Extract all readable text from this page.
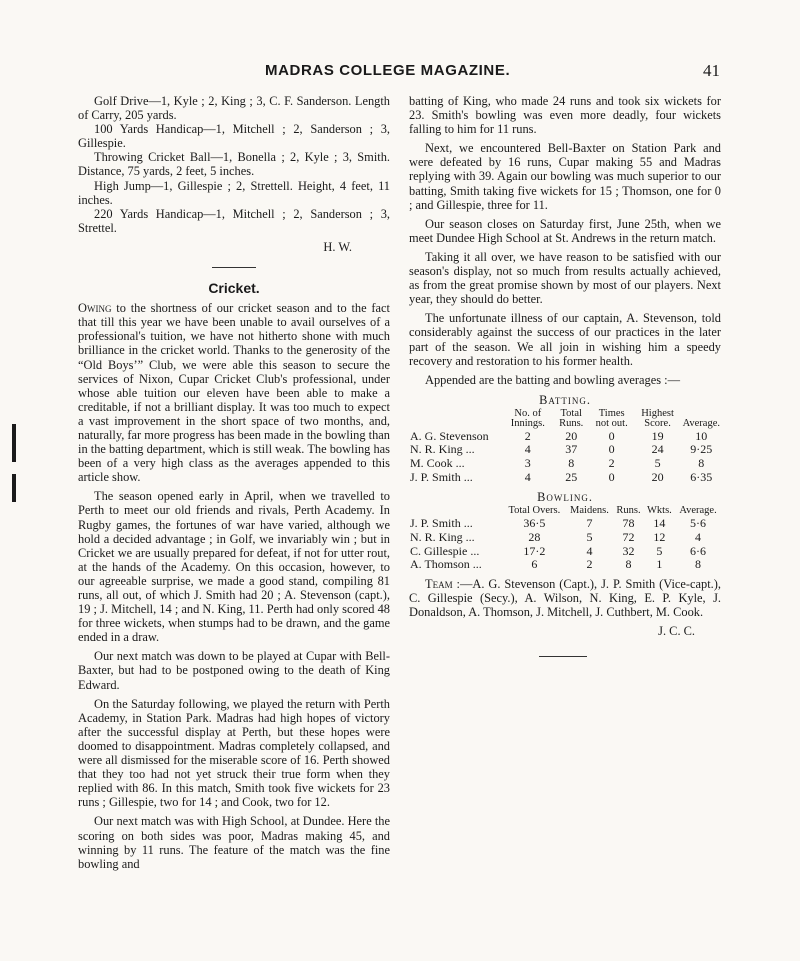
MADRAS COLLEGE MAGAZINE.	41

Golf Drive—1, Kyle ; 2, King ; 3, C. F. Sanderson. Length of Carry, 205 yards.

100 Yards Handicap—1, Mitchell ; 2, Sanderson ; 3, Gillespie.

Throwing Cricket Ball—1, Bonella ; 2, Kyle ; 3, Smith. Distance, 75 yards, 2 feet, 5 inches.

High Jump—1, Gillespie ; 2, Strettell. Height, 4 feet, 11 inches.

220 Yards Handicap—1, Mitchell ; 2, Sanderson ; 3, Strettel.

H. W.
Cricket.

Owing to the shortness of our cricket season and to the fact that till this year we have been unable to avail ourselves of a professional's tuition, we have not hitherto shone with much brilliance in the cricket world. Thanks to the generosity of the “Old Boys’” Club, we were able this season to secure the services of Nixon, Cupar Cricket Club's professional, under whose able tuition our eleven have been able to make a creditable, if not a brilliant display. It was too much to expect a vast improvement in the short space of two months, and, naturally, far more progress has been made in the bowling than in the batting department, which is still weak. The bowling has been of a very high class as the averages appended to this article show.

The season opened early in April, when we travelled to Perth to meet our old friends and rivals, Perth Academy. In Rugby games, the fortunes of war have varied, although we hold a decided advantage ; in Golf, we invariably win ; but in Cricket we are usually prepared for defeat, if not for utter rout, at the hands of the Academy. On this occasion, however, to our agreeable surprise, we made a good stand, compiling 81 runs, all out, of which J. Smith had 20 ; A. Stevenson (capt.), 19 ; J. Mitchell, 14 ; and N. King, 11. Perth had only scored 48 for three wickets, when stumps had to be drawn, and the game ended in a draw.

Our next match was down to be played at Cupar with Bell-Baxter, but had to be postponed owing to the death of King Edward.

On the Saturday following, we played the return with Perth Academy, in Station Park. Madras had high hopes of victory after the successful display at Perth, but these hopes were doomed to disappointment. Madras completely collapsed, and were all dismissed for the miserable score of 16. Perth showed that they too had not yet struck their true form when they replied with 86. In this match, Smith took five wickets for 23 runs ; Gillespie, two for 14 ; and Cook, two for 12.

Our next match was with High School, at Dundee. Here the scoring on both sides was poor, Madras making 45, and winning by 11 runs. The feature of the match was the fine bowling and

batting of King, who made 24 runs and took six wickets for 23. Smith's bowling was even more deadly, four wickets falling to him for 11 runs.

Next, we encountered Bell-Baxter on Station Park and were defeated by 16 runs, Cupar making 55 and Madras replying with 39. Again our bowling was much superior to our batting, Smith taking five wickets for 15 ; Thomson, one for 0 ; and Gillespie, three for 11.

Our season closes on Saturday first, June 25th, when we meet Dundee High School at St. Andrews in the return match.

Taking it all over, we have reason to be satisfied with our season's display, not so much from results actually achieved, as from the great promise shown by most of our players. Next year, they should do better.

The unfortunate illness of our captain, A. Stevenson, told considerably against the success of our practices in the later part of the season. We all join in wishing him a speedy recovery and restoration to his former health.

Appended are the batting and bowling averages :—

Batting.
	No. of Innings.	Total Runs.	Times not out.	Highest Score.	Average.
A. G. Stevenson	2	20	0	19	10
N. R. King ...	4	37	0	24	9·25
M. Cook ...	3	8	2	5	8
J. P. Smith ...	4	25	0	20	6·35
Bowling.
	Total Overs.	Maidens.	Runs.	Wkts.	Average.
J. P. Smith ...	36·5	7	78	14	5·6
N. R. King ...	28	5	72	12	4
C. Gillespie ...	17·2	4	32	5	6·6
A. Thomson ...	6	2	8	1	8

Team :—A. G. Stevenson (Capt.), J. P. Smith (Vice-capt.), C. Gillespie (Secy.), A. Wilson, N. King, E. P. Kyle, J. Donaldson, A. Thomson, J. Mitchell, J. Cuthbert, M. Cook.

J. C. C.
